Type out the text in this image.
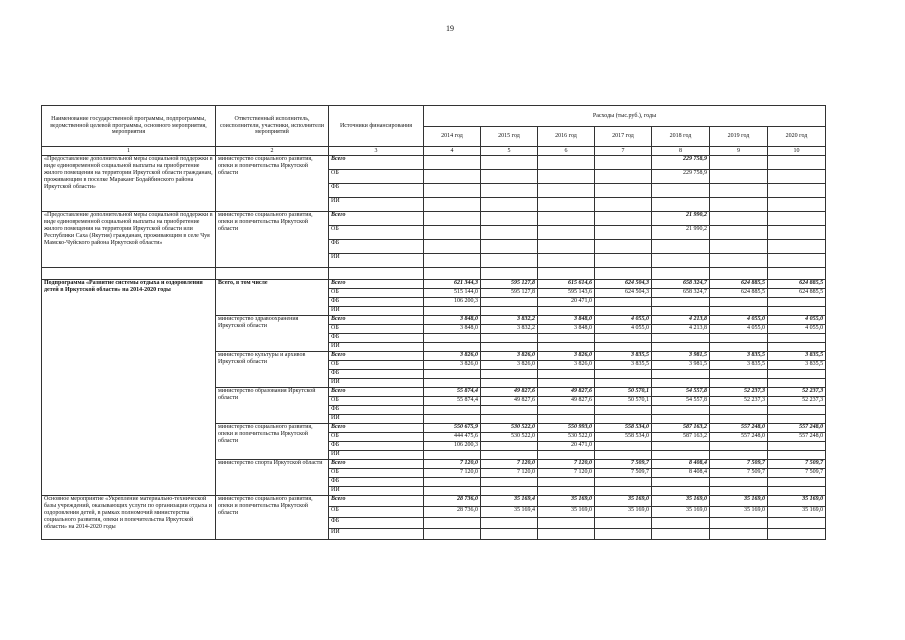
19
Наименование государственной программы, подпрограммы, ведомственной целевой программы, основного мероприятия, мероприятия	Ответственный исполнитель, соисполнители, участники, исполнители мероприятий	Источники финансирования	Расходы (тыс.руб.), годы						
			2014 год	2015 год	2016 год	2017 год	2018 год	2019 год	2020 год
1	2	3	4	5	6	7	8	9	10
«Предоставление дополнительной меры социальной поддержки в виде единовременной социальной выплаты на приобретение жилого помещения на территории Иркутской области гражданам, проживающим в поселке Мараканг Бодайбинского района Иркутской области»	министерство социального развития, опеки и попечительства Иркутской области	Всего					229 758,9		
		ОБ					229 758,9		
		ФБ							
		ИИ							
«Предоставление дополнительной меры социальной поддержки в виде единовременной социальной выплаты на приобретение жилого помещения на территории Иркутской области или Республики Саха (Якутия) гражданам, проживающим в селе Чуя Мамско-Чуйского района Иркутской области»	министерство социального развития, опеки и попечительства Иркутской области	Всего					21 990,2		
		ОБ					21 990,2		
		ФБ							
		ИИ							

Подпрограмма «Развитие системы отдыха и оздоровления детей в Иркутской области» на 2014-2020 годы	Всего, в том числе	Всего	621 344,3	595 127,8	615 614,6	624 504,3	658 324,7	624 885,5	624 885,5
		ОБ	515 144,0	595 127,8	595 143,6	624 504,3	658 324,7	624 885,5	624 885,5
		ФБ	106 200,3		20 471,0				
		ИИ							
	министерство здравоохранения Иркутской области	Всего	3 848,0	3 832,2	3 848,0	4 055,0	4 213,8	4 055,0	4 055,0
		ОБ	3 848,0	3 832,2	3 848,0	4 055,0	4 213,8	4 055,0	4 055,0
		ФБ							
		ИИ							
	министерство культуры и архивов Иркутской области	Всего	3 826,0	3 826,0	3 826,0	3 835,5	3 981,5	3 835,5	3 835,5
		ОБ	3 826,0	3 826,0	3 826,0	3 835,5	3 981,5	3 835,5	3 835,5
		ФБ							
		ИИ							
	министерство образования Иркутской области	Всего	55 874,4	49 827,6	49 827,6	50 570,1	54 557,8	52 237,3	52 237,3
		ОБ	55 874,4	49 827,6	49 827,6	50 570,1	54 557,8	52 237,3	52 237,3
		ФБ							
		ИИ							
	министерство социального развития, опеки и попечительства Иркутской области	Всего	550 675,9	530 522,0	550 993,0	558 534,0	587 163,2	557 248,0	557 248,0
		ОБ	444 475,6	530 522,0	530 522,0	558 534,0	587 163,2	557 248,0	557 248,0
		ФБ	106 200,3		20 471,0				
		ИИ							
	министерство спорта Иркутской области	Всего	7 120,0	7 120,0	7 120,0	7 509,7	8 408,4	7 509,7	7 509,7
		ОБ	7 120,0	7 120,0	7 120,0	7 509,7	8 408,4	7 509,7	7 509,7
		ФБ							
		ИИ							
Основное мероприятие «Укрепление материально-технической базы учреждений, оказывающих услуги по организации отдыха и оздоровления детей, в рамках полномочий министерства социального развития, опеки и попечительства Иркутской области» на 2014-2020 годы	министерство социального развития, опеки и попечительства Иркутской области	Всего	28 736,0	35 169,4	35 169,0	35 169,0	35 169,0	35 169,0	35 169,0
		ОБ	28 736,0	35 169,4	35 169,0	35 169,0	35 169,0	35 169,0	35 169,0
		ФБ							
		ИИ							
